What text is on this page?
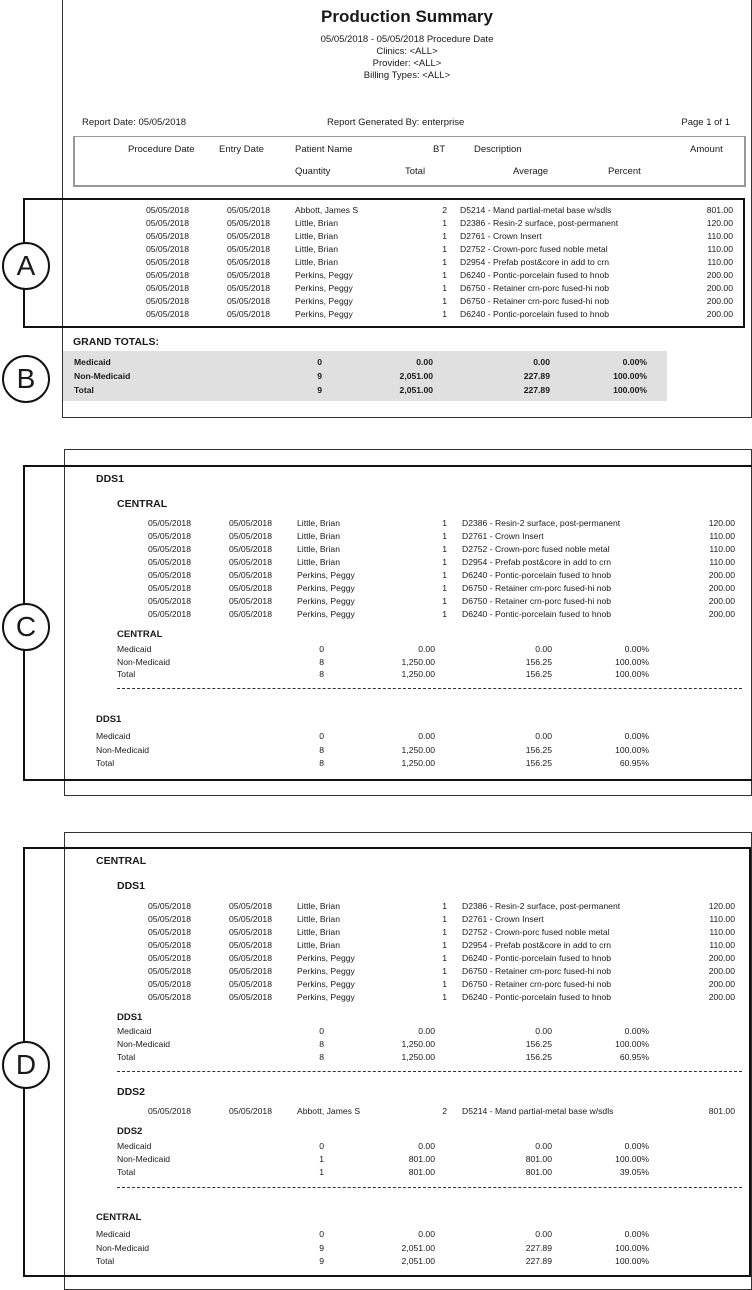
Production Summary
05/05/2018 - 05/05/2018 Procedure Date
Clinics: <ALL>
Provider: <ALL>
Billing Types: <ALL>
Report Date: 05/05/2018	Report Generated By: enterprise	Page 1 of 1
Procedure Date	Entry Date	Patient Name	BT	Description	Amount
Quantity	Total	Average	Percent
A
05/05/2018	05/05/2018	Abbott, James S	2 D5214 - Mand partial-metal base w/sdls	801.00
05/05/2018	05/05/2018	Little, Brian	1 D2386 - Resin-2 surface, post-permanent	120.00
05/05/2018	05/05/2018	Little, Brian	1 D2761 - Crown Insert	110.00
05/05/2018	05/05/2018	Little, Brian	1 D2752 - Crown-porc fused noble metal	110.00
05/05/2018	05/05/2018	Little, Brian	1 D2954 - Prefab post&core in add to crn	110.00
05/05/2018	05/05/2018	Perkins, Peggy	1 D6240 - Pontic-porcelain fused to hnob	200.00
05/05/2018	05/05/2018	Perkins, Peggy	1 D6750 - Retainer crn-porc fused-hi nob	200.00
05/05/2018	05/05/2018	Perkins, Peggy	1 D6750 - Retainer crn-porc fused-hi nob	200.00
05/05/2018	05/05/2018	Perkins, Peggy	1 D6240 - Pontic-porcelain fused to hnob	200.00
GRAND TOTALS:
B
Medicaid	0	0.00	0.00	0.00%
Non-Medicaid	9	2,051.00	227.89	100.00%
Total	9	2,051.00	227.89	100.00%
C
DDS1
CENTRAL
05/05/2018	05/05/2018	Little, Brian	1 D2386 - Resin-2 surface, post-permanent	120.00
05/05/2018	05/05/2018	Little, Brian	1 D2761 - Crown Insert	110.00
05/05/2018	05/05/2018	Little, Brian	1 D2752 - Crown-porc fused noble metal	110.00
05/05/2018	05/05/2018	Little, Brian	1 D2954 - Prefab post&core in add to crn	110.00
05/05/2018	05/05/2018	Perkins, Peggy	1 D6240 - Pontic-porcelain fused to hnob	200.00
05/05/2018	05/05/2018	Perkins, Peggy	1 D6750 - Retainer crn-porc fused-hi nob	200.00
05/05/2018	05/05/2018	Perkins, Peggy	1 D6750 - Retainer crn-porc fused-hi nob	200.00
05/05/2018	05/05/2018	Perkins, Peggy	1 D6240 - Pontic-porcelain fused to hnob	200.00
CENTRAL
Medicaid	0	0.00	0.00	0.00%
Non-Medicaid	8	1,250.00	156.25	100.00%
Total	8	1,250.00	156.25	100.00%
DDS1
Medicaid	0	0.00	0.00	0.00%
Non-Medicaid	8	1,250.00	156.25	100.00%
Total	8	1,250.00	156.25	60.95%
D
CENTRAL
DDS1
05/05/2018	05/05/2018	Little, Brian	1 D2386 - Resin-2 surface, post-permanent	120.00
05/05/2018	05/05/2018	Little, Brian	1 D2761 - Crown Insert	110.00
05/05/2018	05/05/2018	Little, Brian	1 D2752 - Crown-porc fused noble metal	110.00
05/05/2018	05/05/2018	Little, Brian	1 D2954 - Prefab post&core in add to crn	110.00
05/05/2018	05/05/2018	Perkins, Peggy	1 D6240 - Pontic-porcelain fused to hnob	200.00
05/05/2018	05/05/2018	Perkins, Peggy	1 D6750 - Retainer crn-porc fused-hi nob	200.00
05/05/2018	05/05/2018	Perkins, Peggy	1 D6750 - Retainer crn-porc fused-hi nob	200.00
05/05/2018	05/05/2018	Perkins, Peggy	1 D6240 - Pontic-porcelain fused to hnob	200.00
DDS1
Medicaid	0	0.00	0.00	0.00%
Non-Medicaid	8	1,250.00	156.25	100.00%
Total	8	1,250.00	156.25	60.95%
DDS2
05/05/2018	05/05/2018	Abbott, James S	2 D5214 - Mand partial-metal base w/sdls	801.00
DDS2
Medicaid	0	0.00	0.00	0.00%
Non-Medicaid	1	801.00	801.00	100.00%
Total	1	801.00	801.00	39.05%
CENTRAL
Medicaid	0	0.00	0.00	0.00%
Non-Medicaid	9	2,051.00	227.89	100.00%
Total	9	2,051.00	227.89	100.00%
